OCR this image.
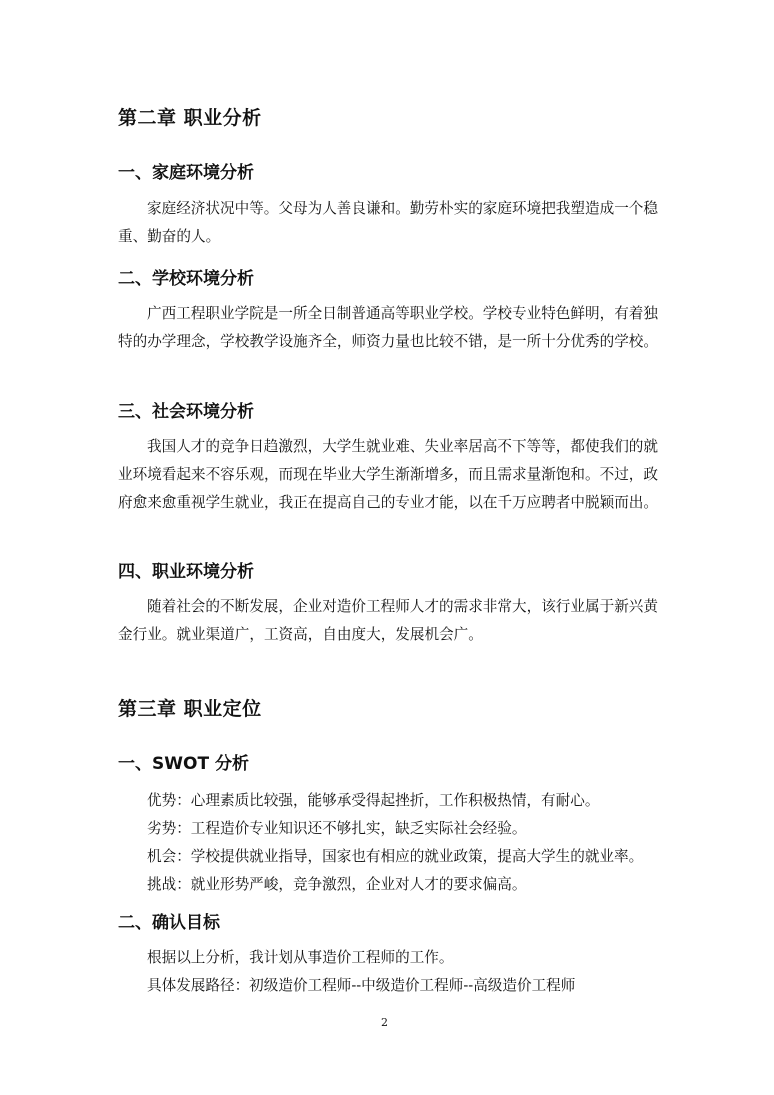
第二章 职业分析
一、家庭环境分析

家庭经济状况中等。父母为人善良谦和。勤劳朴实的家庭环境把我塑造成一个稳重、勤奋的人。

二、学校环境分析

广西工程职业学院是一所全日制普通高等职业学校。学校专业特色鲜明，有着独特的办学理念，学校教学设施齐全，师资力量也比较不错，是一所十分优秀的学校。

三、社会环境分析

我国人才的竞争日趋激烈，大学生就业难、失业率居高不下等等，都使我们的就业环境看起来不容乐观，而现在毕业大学生渐渐增多，而且需求量渐饱和。不过，政府愈来愈重视学生就业，我正在提高自己的专业才能，以在千万应聘者中脱颖而出。

四、职业环境分析

随着社会的不断发展，企业对造价工程师人才的需求非常大，该行业属于新兴黄金行业。就业渠道广，工资高，自由度大，发展机会广。

第三章 职业定位
一、SWOT 分析
优势：心理素质比较强，能够承受得起挫折，工作积极热情，有耐心。
劣势：工程造价专业知识还不够扎实，缺乏实际社会经验。
机会：学校提供就业指导，国家也有相应的就业政策，提高大学生的就业率。
挑战：就业形势严峻，竞争激烈，企业对人才的要求偏高。
二、确认目标
根据以上分析，我计划从事造价工程师的工作。
具体发展路径：初级造价工程师--中级造价工程师--高级造价工程师
2
